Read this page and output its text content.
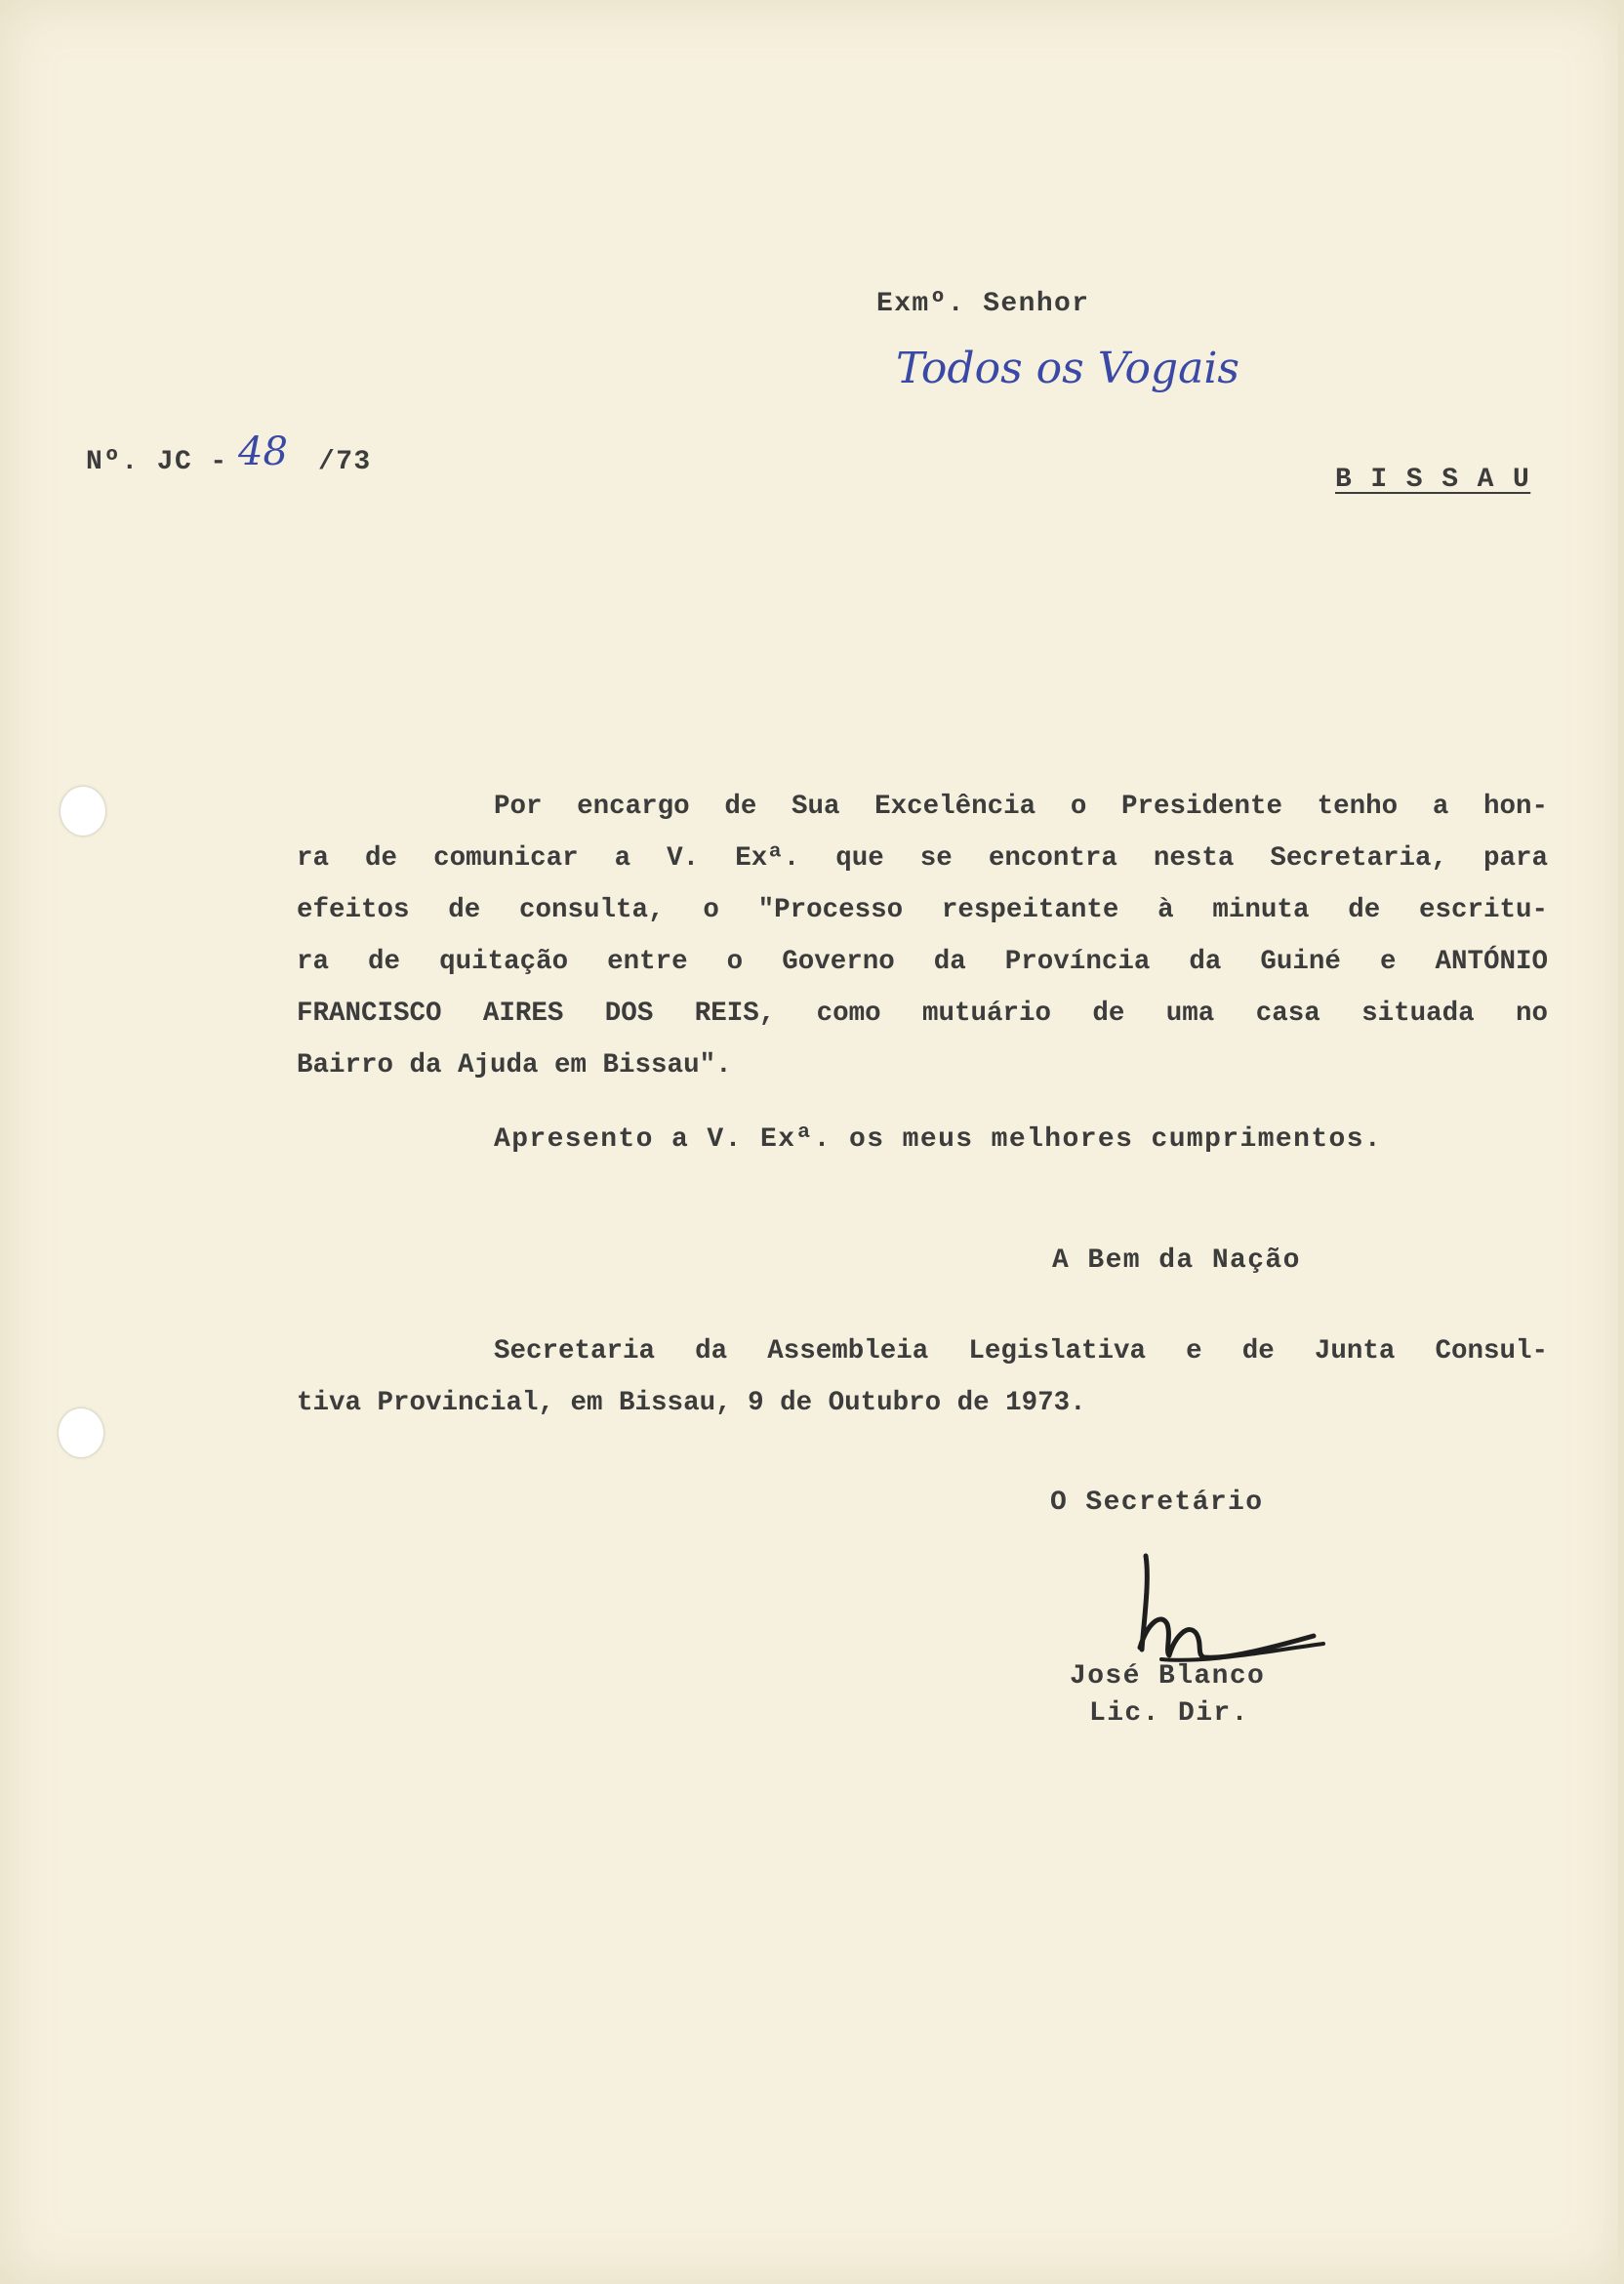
Exmº. Senhor

Todos os Vogais

Nº. JC - 48 /73

B I S S A U

Por encargo de Sua Excelência o Presidente tenho a hon-
ra de comunicar a V. Exª. que se encontra nesta Secretaria, para
efeitos de consulta, o "Processo respeitante à minuta de escritu-
ra de quitação entre o Governo da Província da Guiné e ANTÓNIO
FRANCISCO AIRES DOS REIS, como mutuário de uma casa situada no
Bairro da Ajuda em Bissau".

Apresento a V. Exª. os meus melhores cumprimentos.

A Bem da Nação

Secretaria da Assembleia Legislativa e de Junta Consul-
tiva Provincial, em Bissau, 9 de Outubro de 1973.

O Secretário

José Blanco

Lic. Dir.
